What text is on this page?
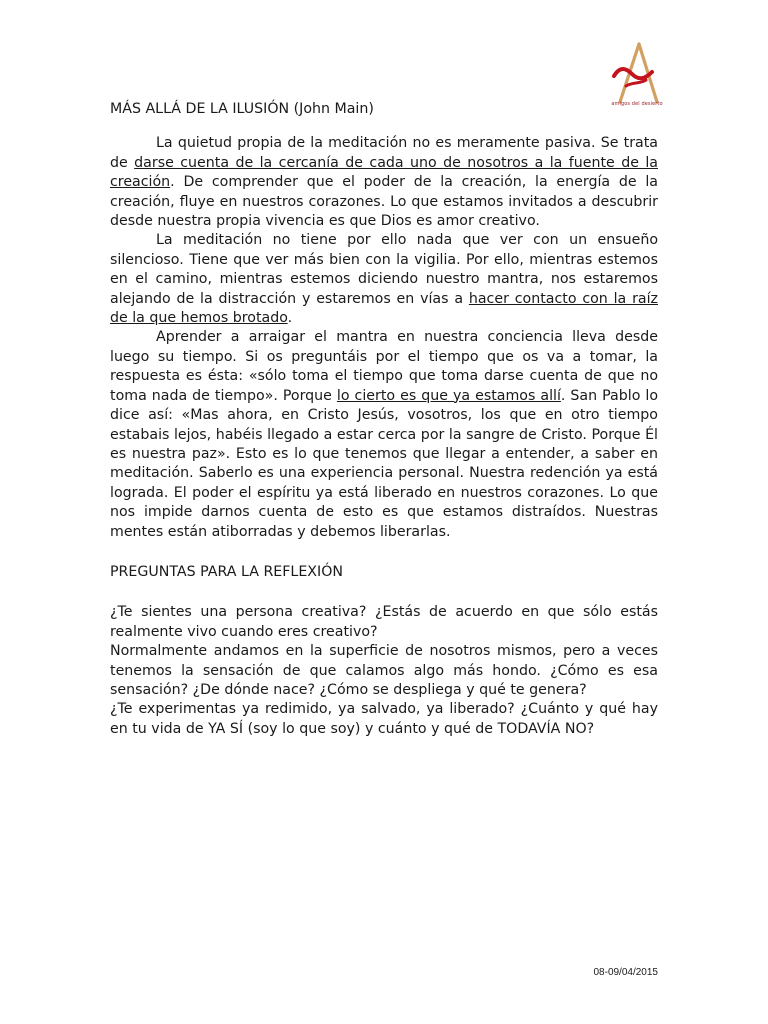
amigos del desierto
MÁS ALLÁ DE LA ILUSIÓN (John Main)

La quietud propia de la meditación no es meramente pasiva. Se trata de darse cuenta de la cercanía de cada uno de nosotros a la fuente de la creación. De comprender que el poder de la creación, la energía de la creación, fluye en nuestros corazones. Lo que estamos invitados a descubrir desde nuestra propia vivencia es que Dios es amor creativo.

La meditación no tiene por ello nada que ver con un ensueño silencioso. Tiene que ver más bien con la vigilia. Por ello, mientras estemos en el camino, mientras estemos diciendo nuestro mantra, nos estaremos alejando de la distracción y estaremos en vías a hacer contacto con la raíz de la que hemos brotado.

Aprender a arraigar el mantra en nuestra conciencia lleva desde luego su tiempo. Si os preguntáis por el tiempo que os va a tomar, la respuesta es ésta: «sólo toma el tiempo que toma darse cuenta de que no toma nada de tiempo». Porque lo cierto es que ya estamos allí. San Pablo lo dice así: «Mas ahora, en Cristo Jesús, vosotros, los que en otro tiempo estabais lejos, habéis llegado a estar cerca por la sangre de Cristo. Porque Él es nuestra paz». Esto es lo que tenemos que llegar a entender, a saber en meditación. Saberlo es una experiencia personal. Nuestra redención ya está lograda. El poder el espíritu ya está liberado en nuestros corazones. Lo que nos impide darnos cuenta de esto es que estamos distraídos. Nuestras mentes están atiborradas y debemos liberarlas.

PREGUNTAS PARA LA REFLEXIÓN
¿Te sientes una persona creativa? ¿Estás de acuerdo en que sólo estás realmente vivo cuando eres creativo?
Normalmente andamos en la superficie de nosotros mismos, pero a veces tenemos la sensación de que calamos algo más hondo. ¿Cómo es esa sensación? ¿De dónde nace? ¿Cómo se despliega y qué te genera?
¿Te experimentas ya redimido, ya salvado, ya liberado? ¿Cuánto y qué hay en tu vida de YA SÍ (soy lo que soy) y cuánto y qué de TODAVÍA NO?
08-09/04/2015
